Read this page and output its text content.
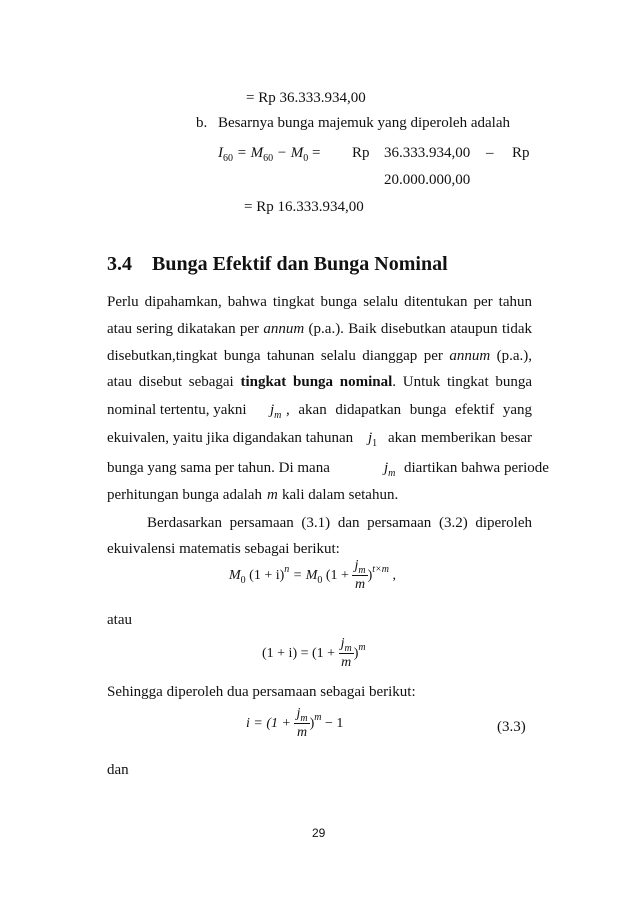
= Rp 36.333.934,00
b. Besarnya bunga majemuk yang diperoleh adalah
$I_{60} = M_{60} - M_0 = Rp$ 36.333.934,00 – Rp
20.000.000,00
= Rp 16.333.934,00
3.4 Bunga Efektif dan Bunga Nominal
Perlu dipahamkan, bahwa tingkat bunga selalu ditentukan per tahun
atau sering dikatakan per annum (p.a.). Baik disebutkan ataupun tidak
disebutkan,tingkat bunga tahunan selalu dianggap per annum (p.a.),
atau disebut sebagai tingkat bunga nominal. Untuk tingkat bunga
nominal tertentu, yakni $j_m$ , akan didapatkan bunga efektif yang
ekuivalen, yaitu jika digandakan tahunan $j_1$ akan memberikan besar
bunga yang sama per tahun. Di mana	$j_m$ diartikan bahwa periode
perhitungan bunga adalah m kali dalam setahun.
Berdasarkan persamaan (3.1) dan persamaan (3.2) diperoleh
ekuivalensi matematis sebagai berikut:
$M_0$ $(1 + i)^n = M_0$ $(1 + \frac{j_m}{m} )^{t\times m}$ ,
atau
$(1 + i) = (1 + \frac{j_m}{m} )^m$
Sehingga diperoleh dua persamaan sebagai berikut:
$i = (1 + \frac{j_m}{m} )^m - 1$	(3.3)
dan
29
